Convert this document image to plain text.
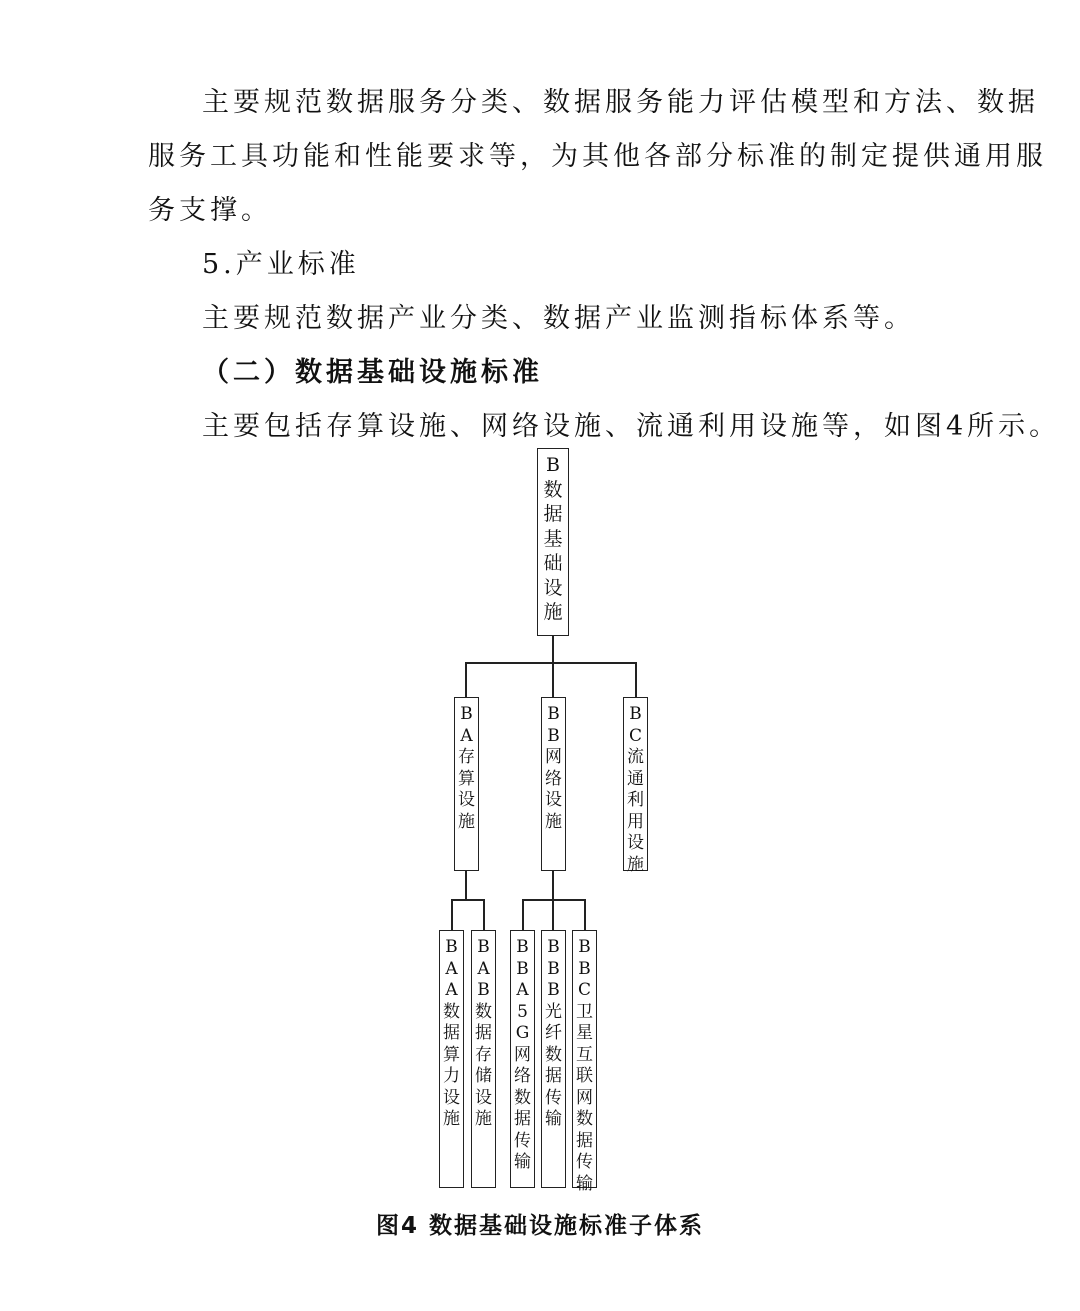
主要规范数据服务分类、数据服务能力评估模型和方法、数据

服务工具功能和性能要求等，为其他各部分标准的制定提供通用服

务支撑。

5.产业标准

主要规范数据产业分类、数据产业监测指标体系等。

（二）数据基础设施标准

主要包括存算设施、网络设施、流通利用设施等，如图4所示。

B
数
据
基
础
设
施
B
A
存
算
设
施
B
B
网
络
设
施
B
C
流
通
利
用
设
施
B
A
A
数
据
算
力
设
施
B
A
B
数
据
存
储
设
施
B
B
A
5
G
网
络
数
据
传
输
B
B
B
光
纤
数
据
传
输
B
B
C
卫
星
互
联
网
数
据
传
输
图4 数据基础设施标准子体系
